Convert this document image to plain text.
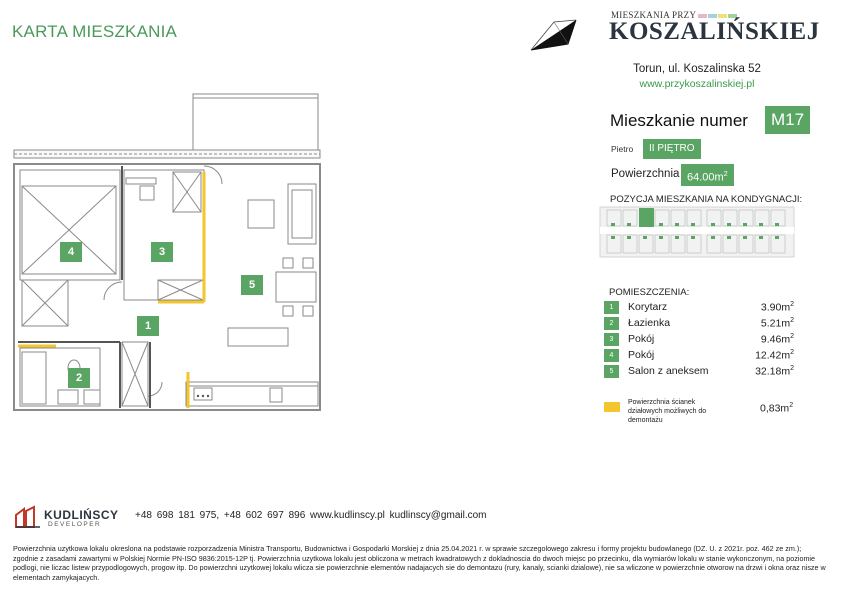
KARTA MIESZKANIA
MIESZKANIA PRZY
KOSZALIŃSKIEJ
Torun, ul. Koszalinska 52
www.przykoszalinskiej.pl
Mieszkanie numer	M17
Pietro	II PIĘTRO
Powierzchnia $64.00m^2$
POZYCJA MIESZKANIA NA KONDYGNACJI:
POMIESZCZENIA:
1	Korytarz	$3.90m^2$
2	Łazienka	$5.21m^2$
3	Pokój	$9.46m^2$
4	Pokój	$12.42m^2$
5	Salon z aneksem	$32.18m^2$
Powierzchnia ścianek działowych możliwych do demontażu
$0,83m^2$
4	3
5
1
2
KUDLIŃSCY
DEVELOPER
+48 698 181 975, +48 602 697 896 www.kudlinscy.pl kudlinscy@gmail.com
Powierzchnia uzytkowa lokalu okreslona na podstawie rozporzadzenia Ministra Transportu, Budownictwa i Gospodarki Morskiej z dnia 25.04.2021 r. w sprawie szczegolowego zakresu i formy projektu budowlanego (DZ. U. z 2021r. poz. 462 ze zm.); zgodnie z zasadami zawartymi w Polskiej Normie PN-ISO 9836:2015-12P tj. Powierzchnia uzytkowa lokalu jest obliczona w metrach kwadratowych z dokladnoscia do dwoch miejsc po przecinku, dla wymiarów lokalu w stanie wykonczonym, na poziomie podlogi, nie liczac listew przypodlogowych, progow itp. Do powierzchni uzytkowej lokalu wlicza sie powierzchnie elementów nadajacych sie do demontazu (rury, kanaly, scianki dzialowe), nie sa wliczone w powierzchnie otworow na drzwi i okna oraz nisze w elementach zamykajacych.
